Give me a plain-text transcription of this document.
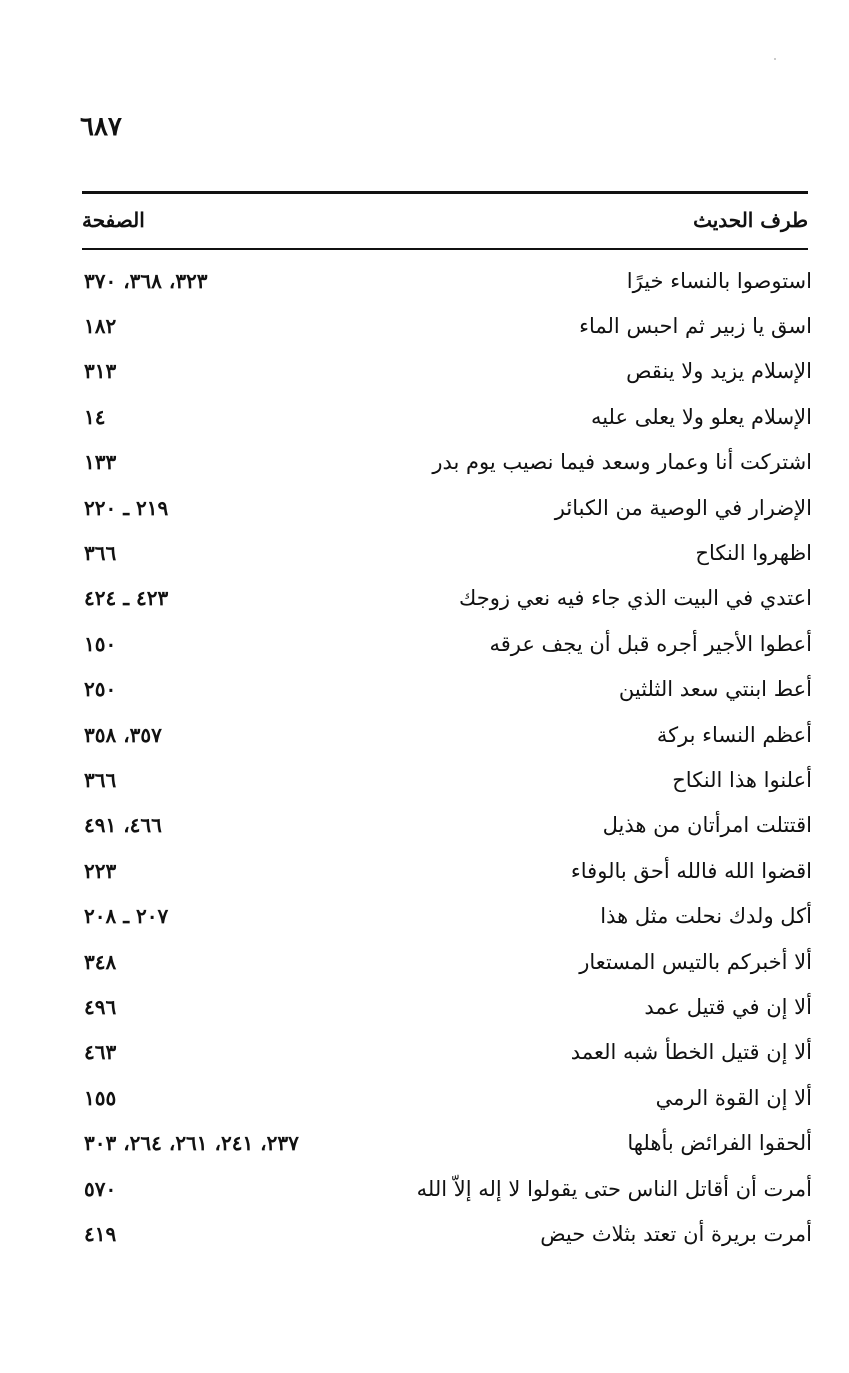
٦٨٧
طرف الحديث
الصفحة
استوصوا بالنساء خيرًا
٣٢٣، ٣٦٨، ٣٧٠
اسق يا زبير ثم احبس الماء
١٨٢
الإسلام يزيد ولا ينقص
٣١٣
الإسلام يعلو ولا يعلى عليه
١٤
اشتركت أنا وعمار وسعد فيما نصيب يوم بدر
١٣٣
الإضرار في الوصية من الكبائر
٢١٩ ـ ٢٢٠
اظهروا النكاح
٣٦٦
اعتدي في البيت الذي جاء فيه نعي زوجك
٤٢٣ ـ ٤٢٤
أعطوا الأجير أجره قبل أن يجف عرقه
١٥٠
أعط ابنتي سعد الثلثين
٢٥٠
أعظم النساء بركة
٣٥٧، ٣٥٨
أعلنوا هذا النكاح
٣٦٦
اقتتلت امرأتان من هذيل
٤٦٦، ٤٩١
اقضوا الله فالله أحق بالوفاء
٢٢٣
أكل ولدك نحلت مثل هذا
٢٠٧ ـ ٢٠٨
ألا أخبركم بالتيس المستعار
٣٤٨
ألا إن في قتيل عمد
٤٩٦
ألا إن قتيل الخطأ شبه العمد
٤٦٣
ألا إن القوة الرمي
١٥٥
ألحقوا الفرائض بأهلها
٢٣٧، ٢٤١، ٢٦١، ٢٦٤، ٣٠٣
أمرت أن أقاتل الناس حتى يقولوا لا إله إلاّ الله
٥٧٠
أمرت بريرة أن تعتد بثلاث حيض
٤١٩
